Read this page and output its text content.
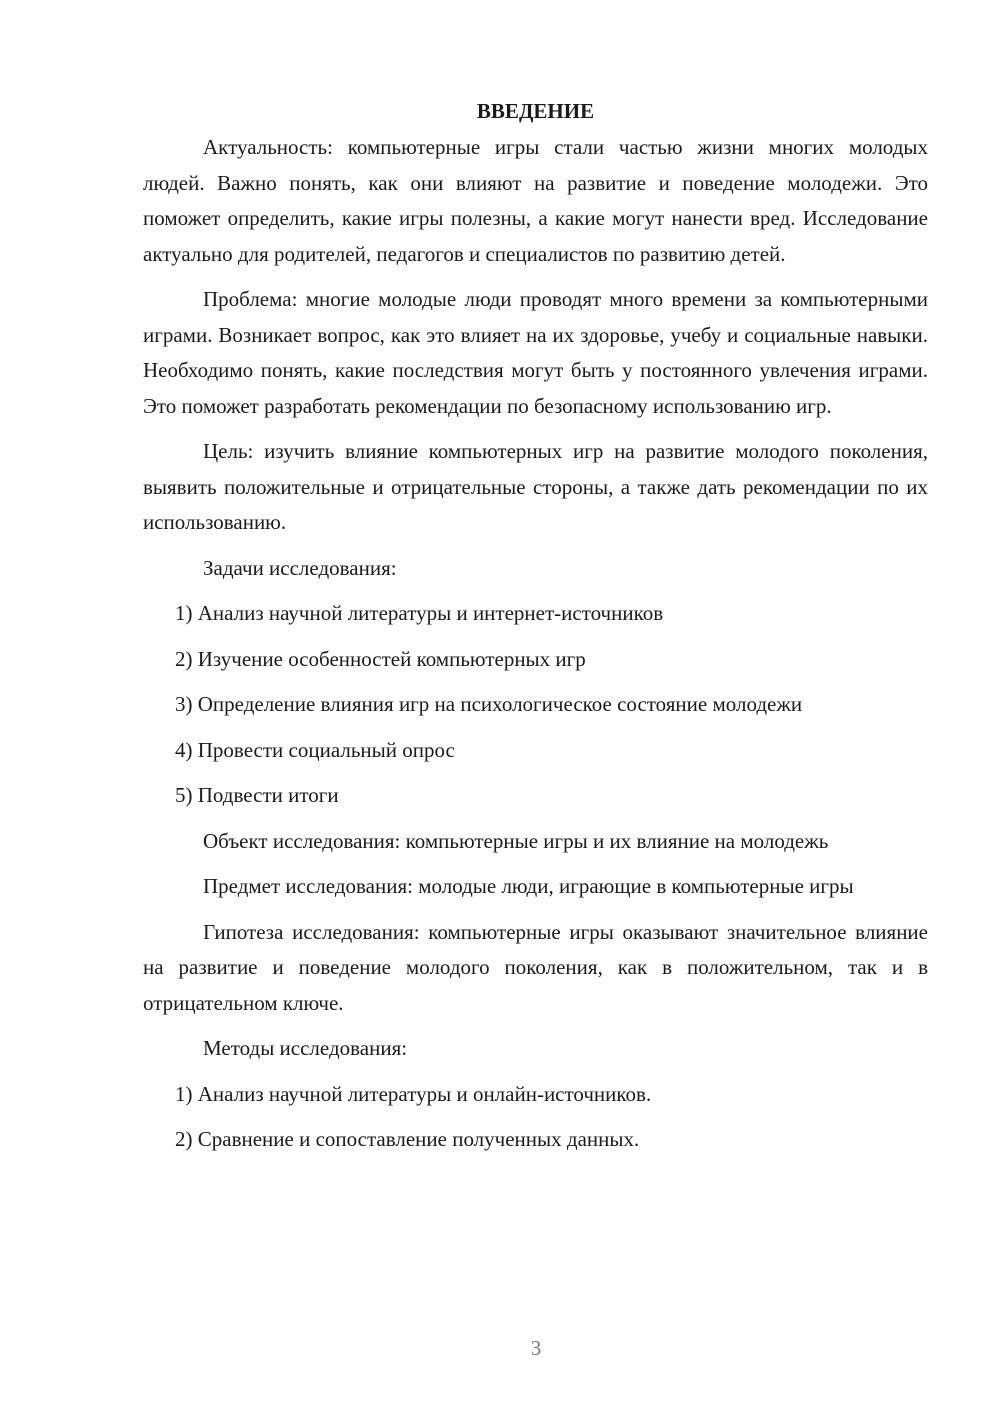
ВВЕДЕНИЕ

Актуальность: компьютерные игры стали частью жизни многих молодых людей. Важно понять, как они влияют на развитие и поведение молодежи. Это поможет определить, какие игры полезны, а какие могут нанести вред. Исследование актуально для родителей, педагогов и специалистов по развитию детей.

Проблема: многие молодые люди проводят много времени за компьютерными играми. Возникает вопрос, как это влияет на их здоровье, учебу и социальные навыки. Необходимо понять, какие последствия могут быть у постоянного увлечения играми. Это поможет разработать рекомендации по безопасному использованию игр.

Цель: изучить влияние компьютерных игр на развитие молодого поколения, выявить положительные и отрицательные стороны, а также дать рекомендации по их использованию.

Задачи исследования:

1) Анализ научной литературы и интернет-источников
2) Изучение особенностей компьютерных игр
3) Определение влияния игр на психологическое состояние молодежи
4) Провести социальный опрос
5) Подвести итоги

Объект исследования: компьютерные игры и их влияние на молодежь

Предмет исследования: молодые люди, играющие в компьютерные игры

Гипотеза исследования: компьютерные игры оказывают значительное влияние на развитие и поведение молодого поколения, как в положительном, так и в отрицательном ключе.

Методы исследования:

1) Анализ научной литературы и онлайн-источников.
2) Сравнение и сопоставление полученных данных.
3
